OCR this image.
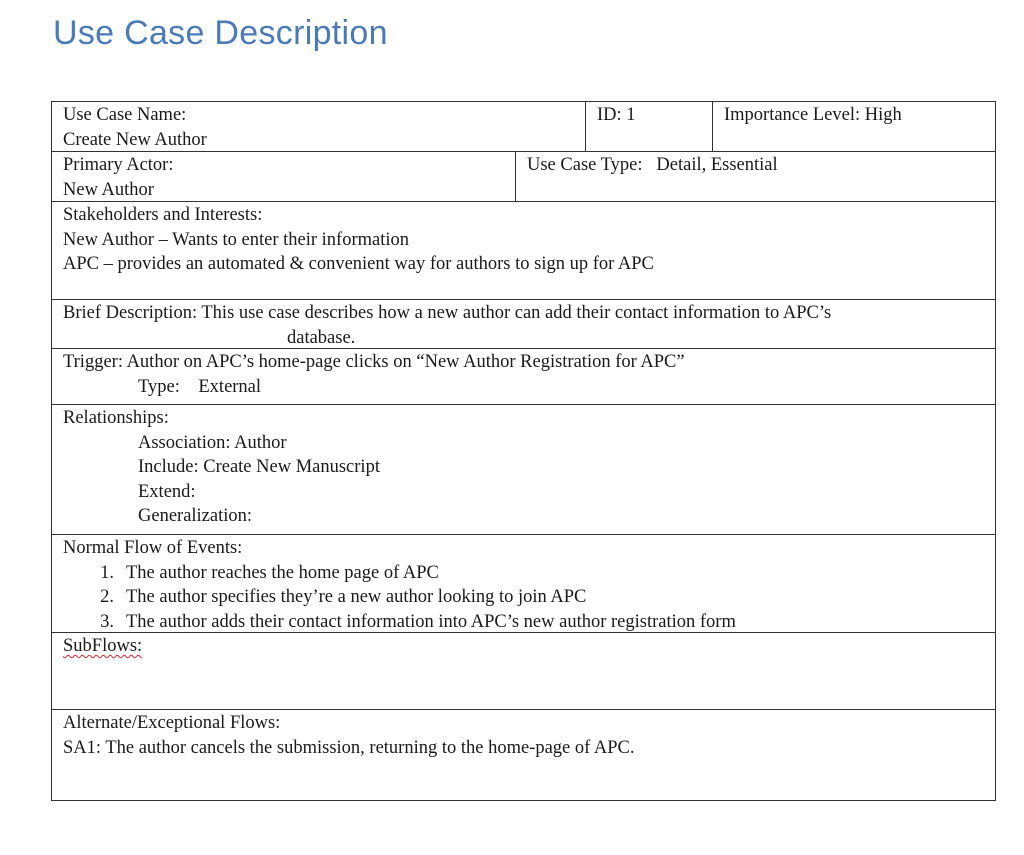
Use Case Description
Use Case Name:
Create New Author
ID: 1	Importance Level: High
Primary Actor:
New Author
Use Case Type: Detail, Essential
Stakeholders and Interests:
New Author – Wants to enter their information
APC – provides an automated & convenient way for authors to sign up for APC
Brief Description: This use case describes how a new author can add their contact information to APC’s
database.
Trigger: Author on APC’s home-page clicks on “New Author Registration for APC”
Type: External
Relationships:
Association: Author
Include: Create New Manuscript
Extend:
Generalization:
Normal Flow of Events:
1. The author reaches the home page of APC
2. The author specifies they’re a new author looking to join APC
3. The author adds their contact information into APC’s new author registration form
SubFlows:
Alternate/Exceptional Flows:
SA1: The author cancels the submission, returning to the home-page of APC.
